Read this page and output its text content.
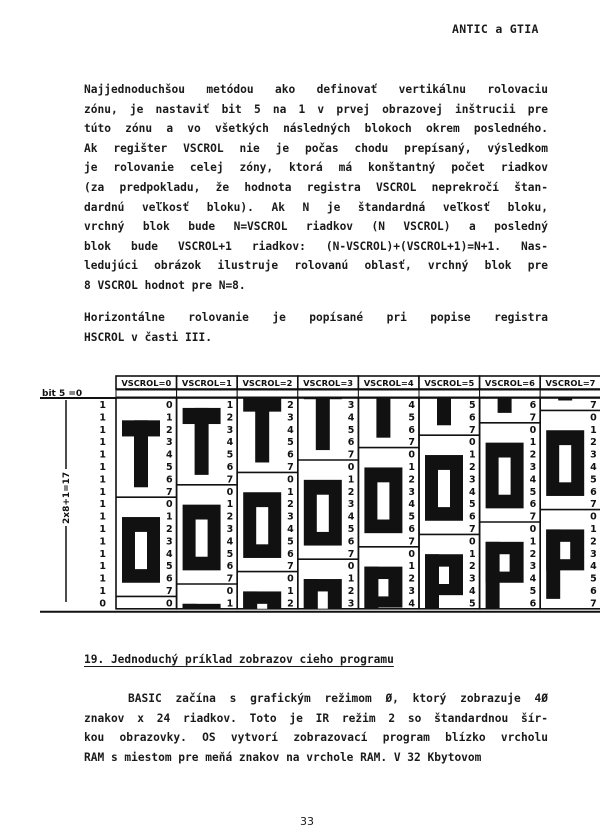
ANTIC a GTIA
Najjednoduchšou metódou ako definovať vertikálnu rolovaciu
zónu, je nastaviť bit 5 na 1 v prvej obrazovej inštrucii pre
túto zónu a vo všetkých následných blokoch okrem posledného.
Ak regišter VSCROL nie je počas chodu prepísaný, výsledkom
je rolovanie celej zóny, ktorá má konštantný počet riadkov
(za predpokladu, že hodnota registra VSCROL neprekročí štan-
dardnú veľkosť bloku). Ak N je štandardná veľkosť bloku,
vrchný blok bude N=VSCROL riadkov (N VSCROL) a posledný
blok bude VSCROL+1 riadkov: (N-VSCROL)+(VSCROL+1)=N+1. Nas-
ledujúci obrázok ilustruje rolovanú oblasť, vrchný blok pre
8 VSCROL hodnot pre N=8.
Horizontálne rolovanie je popísané pri popise registra
HSCROL v časti III.
bit 5 =0
2x8+1=17
1
1
1
1
1
1
1
1
1
1
1
1
1
1
1
1
0
VSCROL=0
0
1
2
3
4
5
6
7
0
1
2
3
4
5
6
7
0
VSCROL=1
1
2
3
4
5
6
7
0
1
2
3
4
5
6
7
0
1
VSCROL=2
2
3
4
5
6
7
0
1
2
3
4
5
6
7
0
1
2
VSCROL=3
3
4
5
6
7
0
1
2
3
4
5
6
7
0
1
2
3
VSCROL=4
4
5
6
7
0
1
2
3
4
5
6
7
0
1
2
3
4
VSCROL=5
5
6
7
0
1
2
3
4
5
6
7
0
1
2
3
4
5
VSCROL=6
6
7
0
1
2
3
4
5
6
7
0
1
2
3
4
5
6
VSCROL=7
7
0
1
2
3
4
5
6
7
0
1
2
3
4
5
6
7
19. Jednoduchý príklad zobrazov cieho programu
BASIC začína s grafickým režimom Ø, ktorý zobrazuje 4Ø
znakov x 24 riadkov. Toto je IR režim 2 so štandardnou šír-
kou obrazovky. OS vytvorí zobrazovací program blízko vrcholu
RAM s miestom pre meňá znakov na vrchole RAM. V 32 Kbytovom
33
